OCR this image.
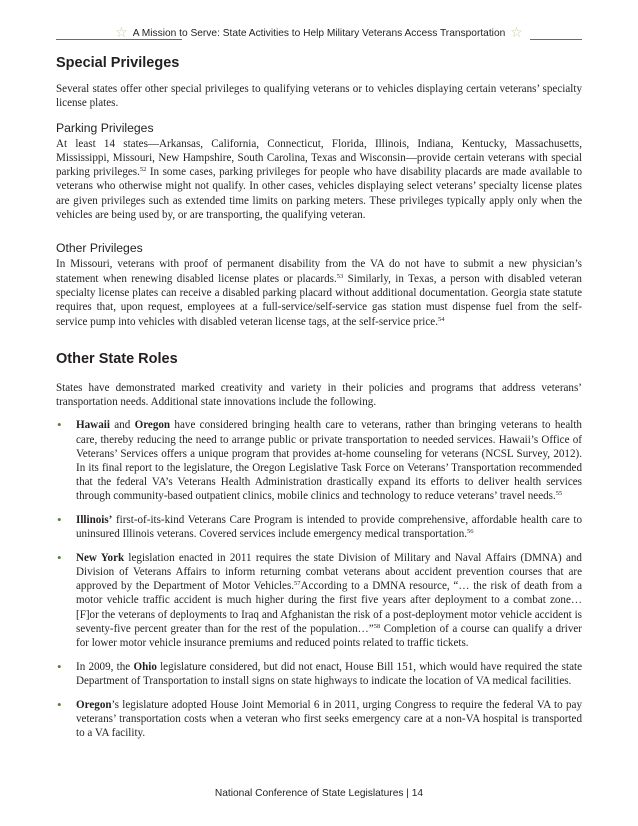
☆ A Mission to Serve: State Activities to Help Military Veterans Access Transportation ☆
Special Privileges

Several states offer other special privileges to qualifying veterans or to vehicles displaying certain veterans’ specialty license plates.

Parking Privileges

At least 14 states—Arkansas, California, Connecticut, Florida, Illinois, Indiana, Kentucky, Massachusetts, Mississippi, Missouri, New Hampshire, South Carolina, Texas and Wisconsin—provide certain veterans with special parking privileges.$^{52}$ In some cases, parking privileges for people who have disability placards are made available to veterans who otherwise might not qualify. In other cases, vehicles displaying select veterans’ specialty license plates are given privileges such as extended time limits on parking meters. These privileges typically apply only when the vehicles are being used by, or are transporting, the qualifying veteran.

Other Privileges

In Missouri, veterans with proof of permanent disability from the VA do not have to submit a new physician’s statement when renewing disabled license plates or placards.$^{53}$ Similarly, in Texas, a person with disabled veteran specialty license plates can receive a disabled parking placard without additional documentation. Georgia state statute requires that, upon request, employees at a full-service/self-service gas station must dispense fuel from the self-service pump into vehicles with disabled veteran license tags, at the self-service price.$^{54}$

Other State Roles

States have demonstrated marked creativity and variety in their policies and programs that address veterans’ transportation needs. Additional state innovations include the following.

• Hawaii and Oregon have considered bringing health care to veterans, rather than bringing veterans to health care, thereby reducing the need to arrange public or private transportation to needed services. Hawaii’s Office of Veterans’ Services offers a unique program that provides at-home counseling for veterans (NCSL Survey, 2012). In its final report to the legislature, the Oregon Legislative Task Force on Veterans’ Transportation recommended that the federal VA’s Veterans Health Administration drastically expand its efforts to deliver health services through community-based outpatient clinics, mobile clinics and technology to reduce veterans’ travel needs.$^{55}$

• Illinois’ first-of-its-kind Veterans Care Program is intended to provide comprehensive, affordable health care to uninsured Illinois veterans. Covered services include emergency medical transportation.$^{56}$

• New York legislation enacted in 2011 requires the state Division of Military and Naval Affairs (DMNA) and Division of Veterans Affairs to inform returning combat veterans about accident prevention courses that are approved by the Department of Motor Vehicles.$^{57}$According to a DMNA resource, “… the risk of death from a motor vehicle traffic accident is much higher during the first five years after deployment to a combat zone… [F]or the veterans of deployments to Iraq and Afghanistan the risk of a post-deployment motor vehicle accident is seventy-five percent greater than for the rest of the population…”$^{58}$ Completion of a course can qualify a driver for lower motor vehicle insurance premiums and reduced points related to traffic tickets.

• In 2009, the Ohio legislature considered, but did not enact, House Bill 151, which would have required the state Department of Transportation to install signs on state highways to indicate the location of VA medical facilities.

• Oregon’s legislature adopted House Joint Memorial 6 in 2011, urging Congress to require the federal VA to pay veterans’ transportation costs when a veteran who first seeks emergency care at a non-VA hospital is transported to a VA facility.

National Conference of State Legislatures | 14
